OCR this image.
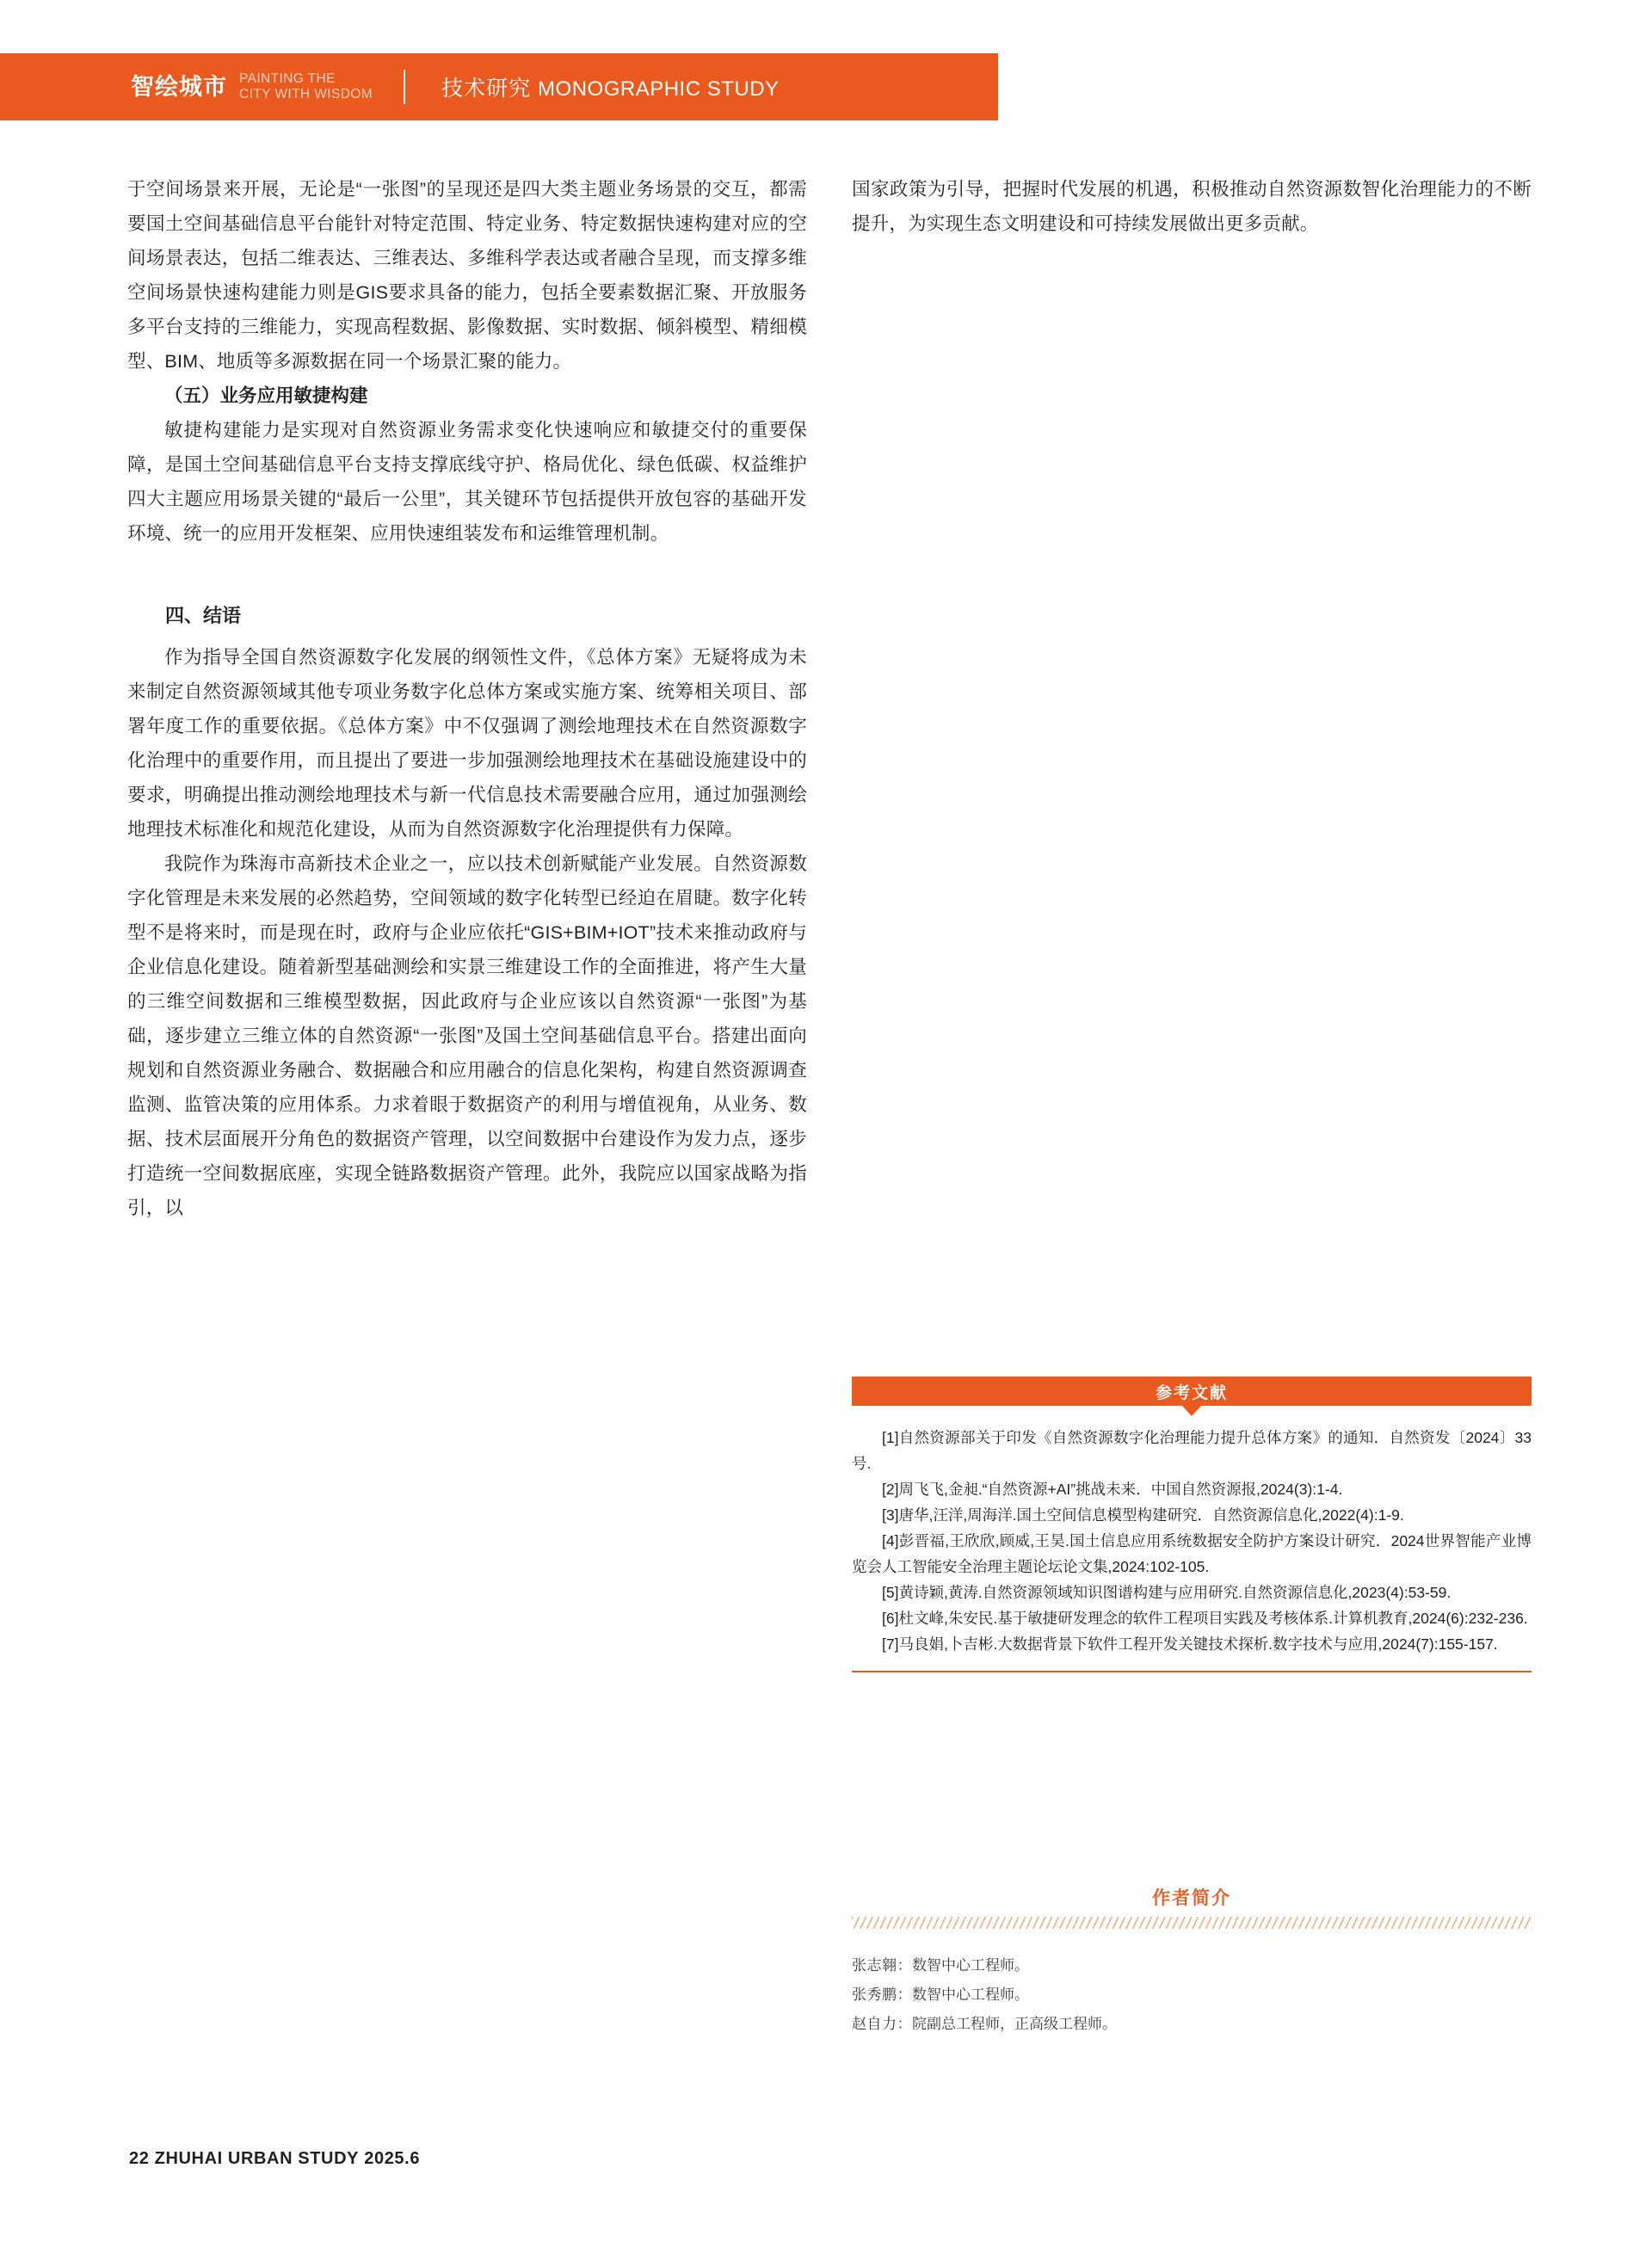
智绘城市 PAINTING THE
CITY WITH WISDOM	技术研究 MONOGRAPHIC STUDY

于空间场景来开展，无论是“一张图”的呈现还是四大类主题业务场景的交互，都需要国土空间基础信息平台能针对特定范围、特定业务、特定数据快速构建对应的空间场景表达，包括二维表达、三维表达、多维科学表达或者融合呈现，而支撑多维空间场景快速构建能力则是GIS要求具备的能力，包括全要素数据汇聚、开放服务多平台支持的三维能力，实现高程数据、影像数据、实时数据、倾斜模型、精细模型、BIM、地质等多源数据在同一个场景汇聚的能力。

（五）业务应用敏捷构建

敏捷构建能力是实现对自然资源业务需求变化快速响应和敏捷交付的重要保障，是国土空间基础信息平台支持支撑底线守护、格局优化、绿色低碳、权益维护四大主题应用场景关键的“最后一公里”，其关键环节包括提供开放包容的基础开发环境、统一的应用开发框架、应用快速组装发布和运维管理机制。

四、结语

作为指导全国自然资源数字化发展的纲领性文件，《总体方案》无疑将成为未来制定自然资源领域其他专项业务数字化总体方案或实施方案、统筹相关项目、部署年度工作的重要依据。《总体方案》中不仅强调了测绘地理技术在自然资源数字化治理中的重要作用，而且提出了要进一步加强测绘地理技术在基础设施建设中的要求，明确提出推动测绘地理技术与新一代信息技术需要融合应用，通过加强测绘地理技术标准化和规范化建设，从而为自然资源数字化治理提供有力保障。

我院作为珠海市高新技术企业之一，应以技术创新赋能产业发展。自然资源数字化管理是未来发展的必然趋势，空间领域的数字化转型已经迫在眉睫。数字化转型不是将来时，而是现在时，政府与企业应依托“GIS+BIM+IOT”技术来推动政府与企业信息化建设。随着新型基础测绘和实景三维建设工作的全面推进，将产生大量的三维空间数据和三维模型数据，因此政府与企业应该以自然资源“一张图”为基础，逐步建立三维立体的自然资源“一张图”及国土空间基础信息平台。搭建出面向规划和自然资源业务融合、数据融合和应用融合的信息化架构，构建自然资源调查监测、监管决策的应用体系。力求着眼于数据资产的利用与增值视角，从业务、数据、技术层面展开分角色的数据资产管理，以空间数据中台建设作为发力点，逐步打造统一空间数据底座，实现全链路数据资产管理。此外，我院应以国家战略为指引，以

国家政策为引导，把握时代发展的机遇，积极推动自然资源数智化治理能力的不断提升，为实现生态文明建设和可持续发展做出更多贡献。

参考文献

[1]自然资源部关于印发《自然资源数字化治理能力提升总体方案》的通知．自然资发〔2024〕33号.

[2]周飞飞,金昶.“自然资源+AI”挑战未来．中国自然资源报,2024(3):1-4.

[3]唐华,汪洋,周海洋.国土空间信息模型构建研究．自然资源信息化,2022(4):1-9.

[4]彭晋福,王欣欣,顾威,王昊.国土信息应用系统数据安全防护方案设计研究．2024世界智能产业博览会人工智能安全治理主题论坛论文集,2024:102-105.

[5]黄诗颖,黄涛.自然资源领域知识图谱构建与应用研究.自然资源信息化,2023(4):53-59.

[6]杜文峰,朱安民.基于敏捷研发理念的软件工程项目实践及考核体系.计算机教育,2024(6):232-236.

[7]马良娟,卜吉彬.大数据背景下软件工程开发关键技术探析.数字技术与应用,2024(7):155-157.

作者简介

张志翱：数智中心工程师。

张秀鹏：数智中心工程师。

赵自力：院副总工程师，正高级工程师。

22 ZHUHAI URBAN STUDY 2025.6
